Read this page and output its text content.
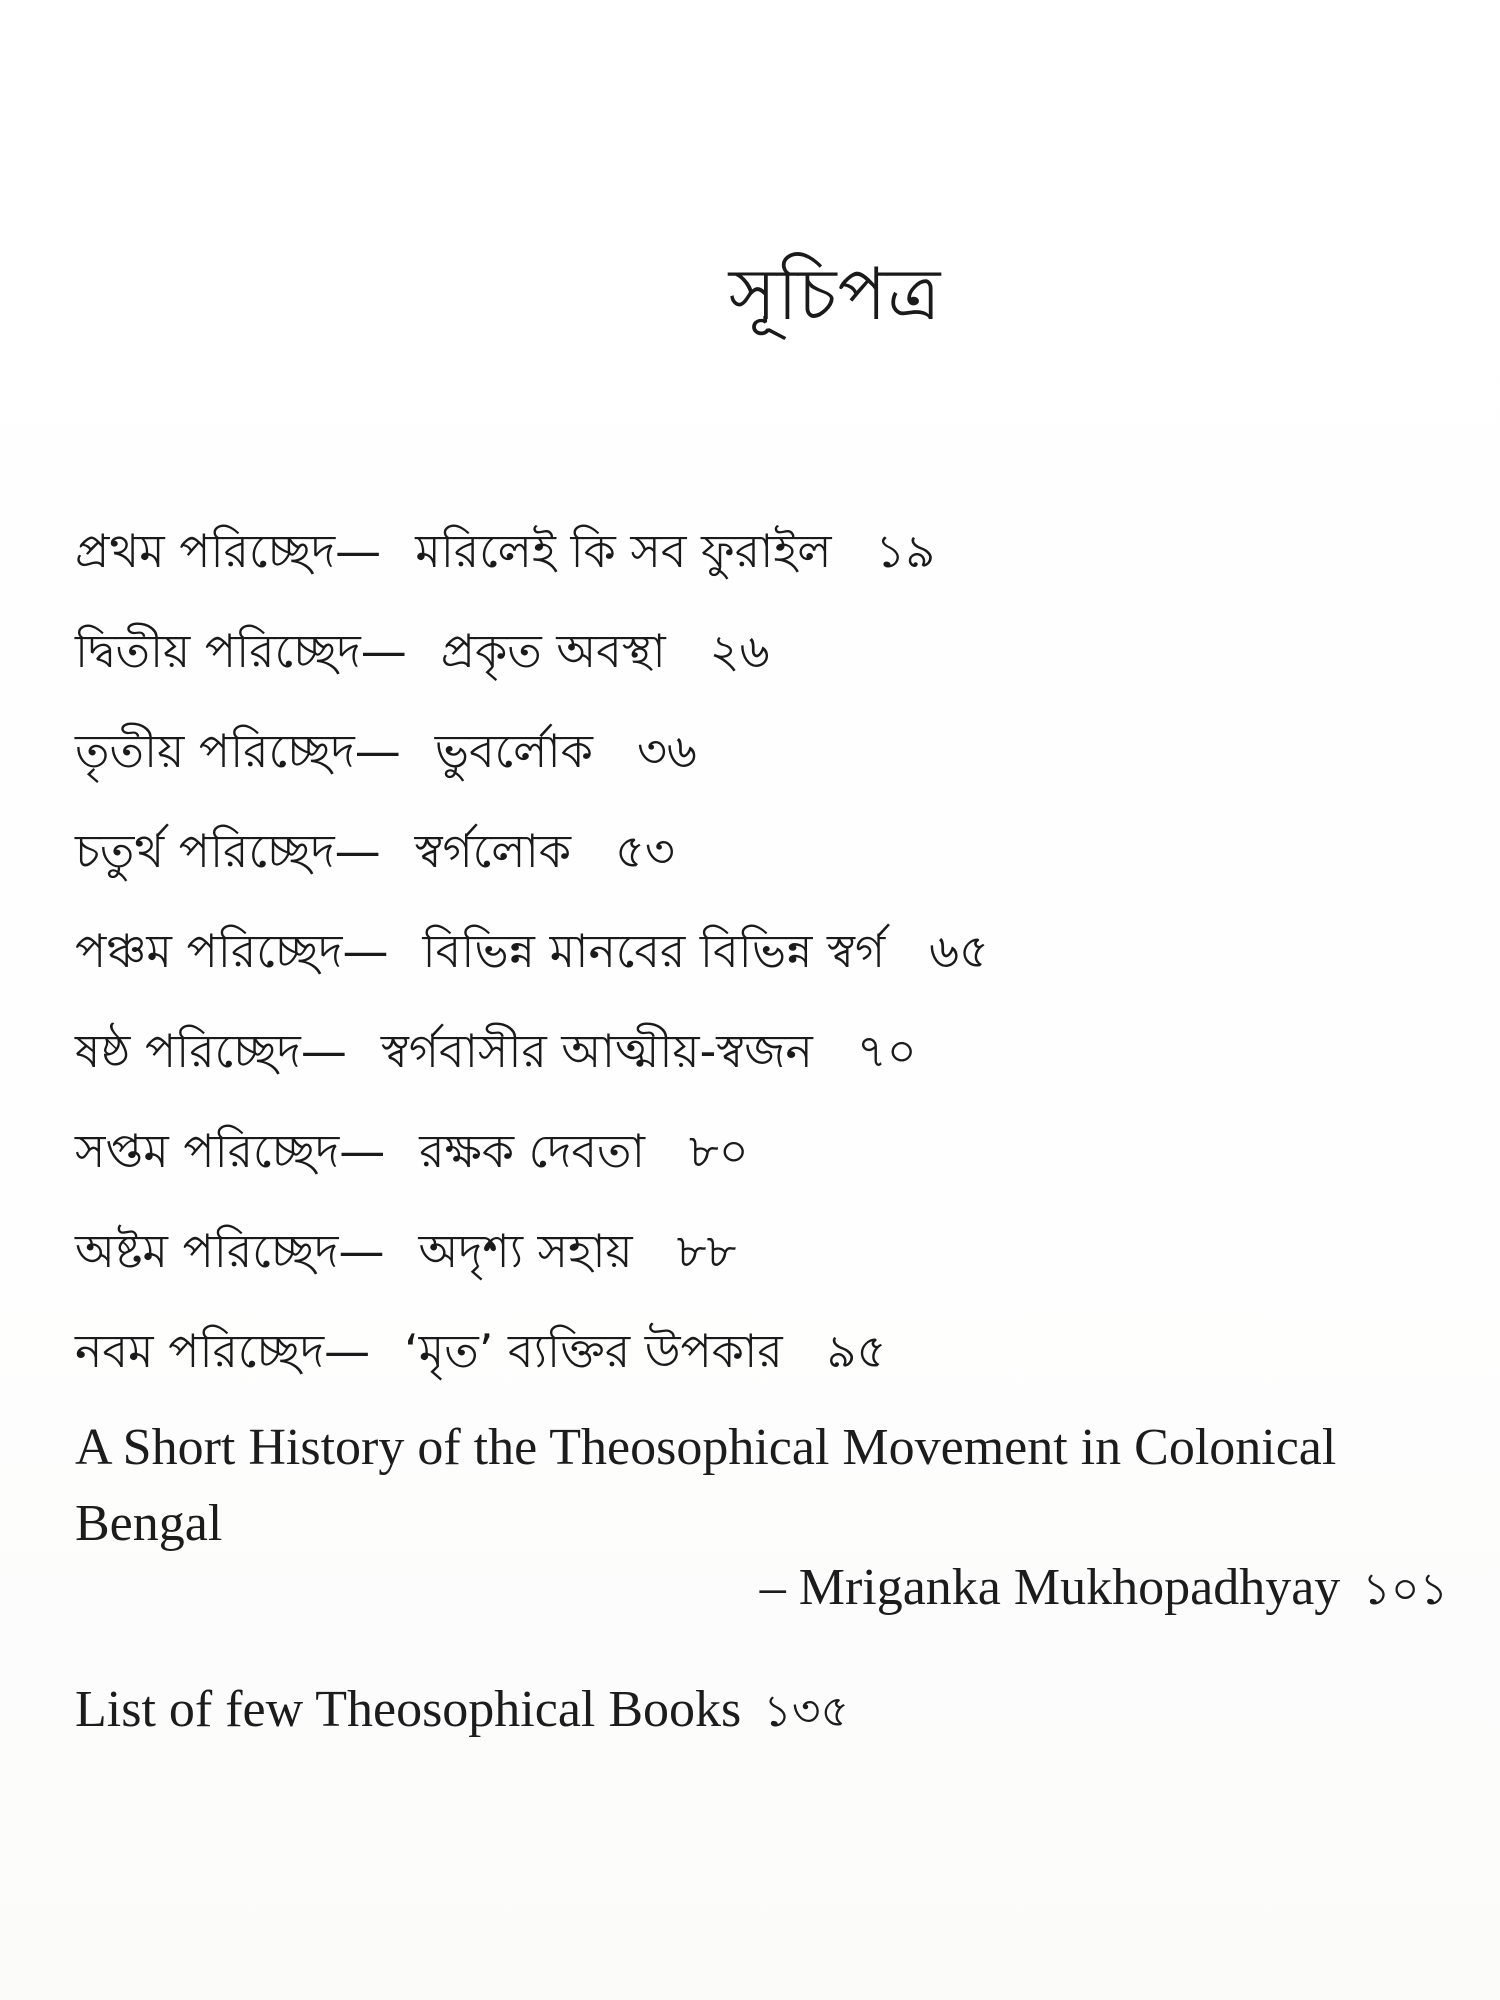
সূচিপত্র
প্রথম পরিচ্ছেদ— মরিলেই কি সব ফুরাইল ১৯
দ্বিতীয় পরিচ্ছেদ— প্রকৃত অবস্থা ২৬
তৃতীয় পরিচ্ছেদ— ভুবর্লোক ৩৬
চতুর্থ পরিচ্ছেদ— স্বর্গলোক ৫৩
পঞ্চম পরিচ্ছেদ— বিভিন্ন মানবের বিভিন্ন স্বর্গ ৬৫
ষষ্ঠ পরিচ্ছেদ— স্বর্গবাসীর আত্মীয়-স্বজন ৭০
সপ্তম পরিচ্ছেদ— রক্ষক দেবতা ৮০
অষ্টম পরিচ্ছেদ— অদৃশ্য সহায় ৮৮
নবম পরিচ্ছেদ— ‘মৃত’ ব্যক্তির উপকার ৯৫
A Short History of the Theosophical Movement in Colonical Bengal
– Mriganka Mukhopadhyay ১০১
List of few Theosophical Books ১৩৫
